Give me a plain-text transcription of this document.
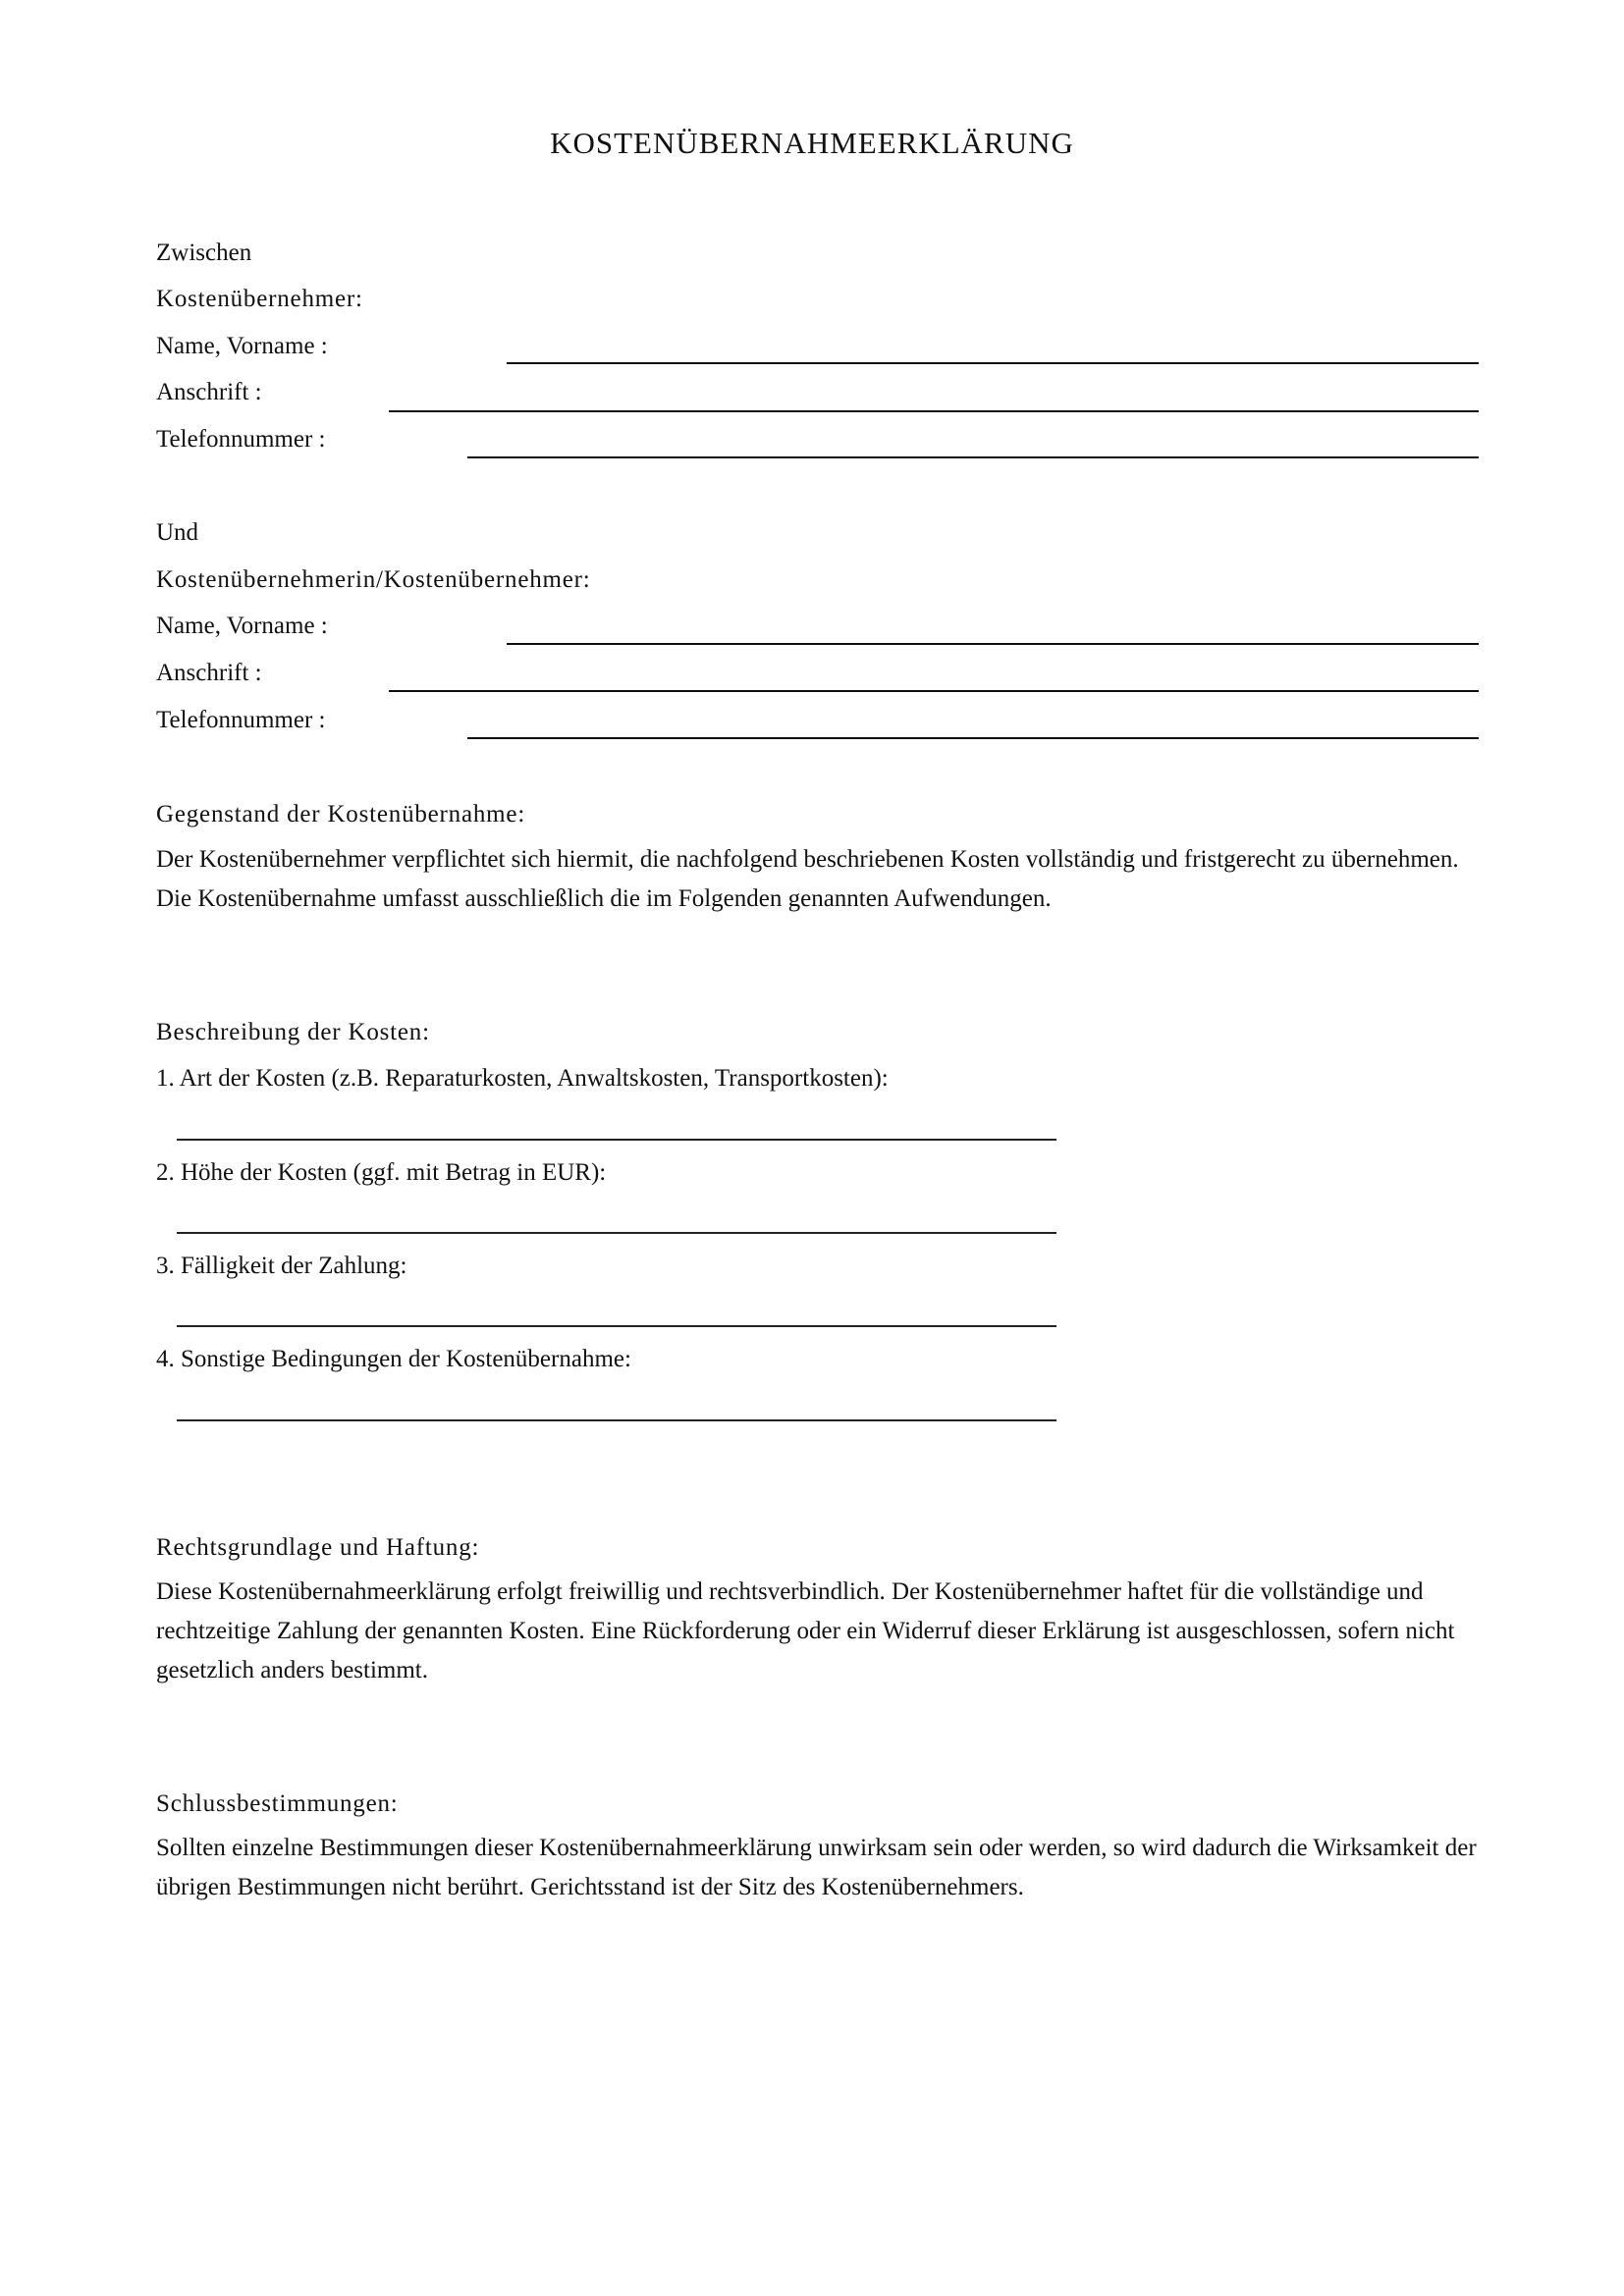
KOSTENÜBERNAHMEERKLÄRUNG
Zwischen
Kostenübernehmer:
Name, Vorname :
Anschrift :
Telefonnummer :
Und
Kostenübernehmerin/Kostenübernehmer:
Name, Vorname :
Anschrift :
Telefonnummer :
Gegenstand der Kostenübernahme:
Der Kostenübernehmer verpflichtet sich hiermit, die nachfolgend beschriebenen Kosten vollständig und fristgerecht zu übernehmen. Die Kostenübernahme umfasst ausschließlich die im Folgenden genannten Aufwendungen.
Beschreibung der Kosten:
1. Art der Kosten (z.B. Reparaturkosten, Anwaltskosten, Transportkosten):
2. Höhe der Kosten (ggf. mit Betrag in EUR):
3. Fälligkeit der Zahlung:
4. Sonstige Bedingungen der Kostenübernahme:
Rechtsgrundlage und Haftung:
Diese Kostenübernahmeerklärung erfolgt freiwillig und rechtsverbindlich. Der Kostenübernehmer haftet für die vollständige und rechtzeitige Zahlung der genannten Kosten. Eine Rückforderung oder ein Widerruf dieser Erklärung ist ausgeschlossen, sofern nicht gesetzlich anders bestimmt.
Schlussbestimmungen:
Sollten einzelne Bestimmungen dieser Kostenübernahmeerklärung unwirksam sein oder werden, so wird dadurch die Wirksamkeit der übrigen Bestimmungen nicht berührt. Gerichtsstand ist der Sitz des Kostenübernehmers.
